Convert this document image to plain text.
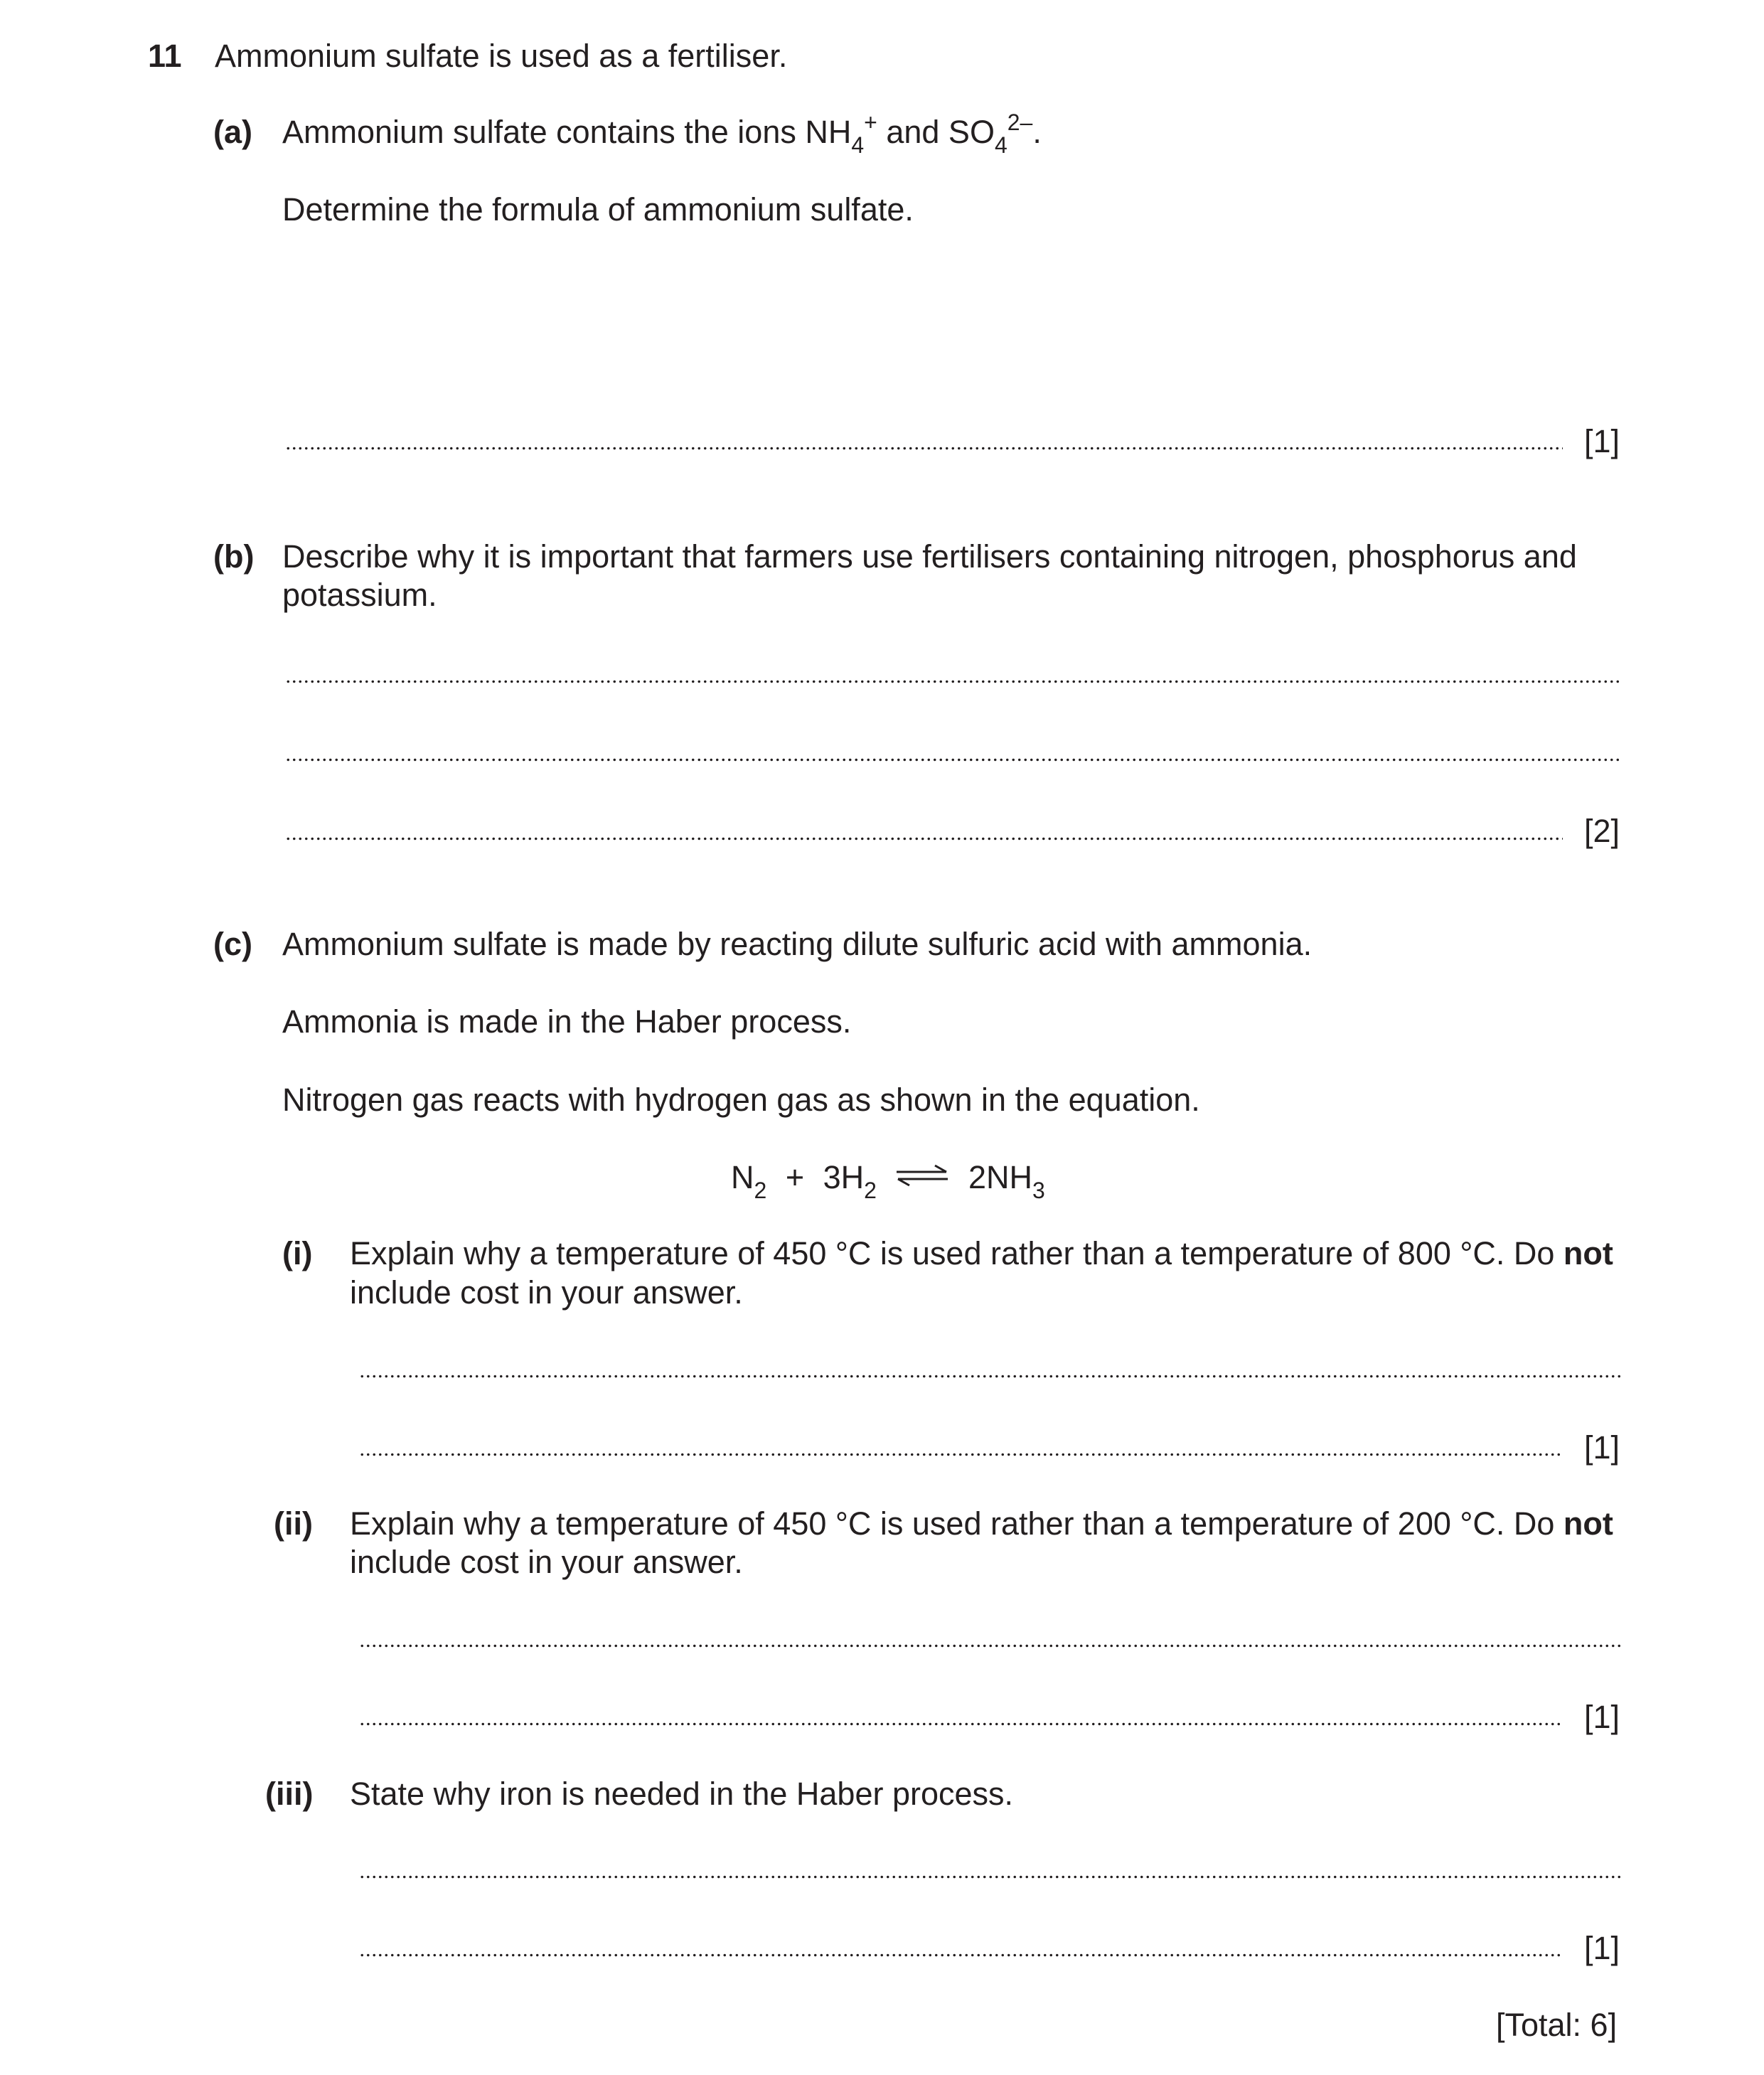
11 Ammonium sulfate is used as a fertiliser.
(a) Ammonium sulfate contains the ions $NH_4^+$ and $SO_4^{2-}$.
Determine the formula of ammonium sulfate.
[1]
(b) Describe why it is important that farmers use fertilisers containing nitrogen, phosphorus and
potassium.
[2]
(c) Ammonium sulfate is made by reacting dilute sulfuric acid with ammonia.
Ammonia is made in the Haber process.
Nitrogen gas reacts with hydrogen gas as shown in the equation.
$N_2 + 3H_2$ ⇌ $2NH_3$
(i) Explain why a temperature of 450 °C is used rather than a temperature of 800 °C. Do not
include cost in your answer.
[1]
(ii) Explain why a temperature of 450 °C is used rather than a temperature of 200 °C. Do not
include cost in your answer.
[1]
(iii) State why iron is needed in the Haber process.
[1]
[Total: 6]
